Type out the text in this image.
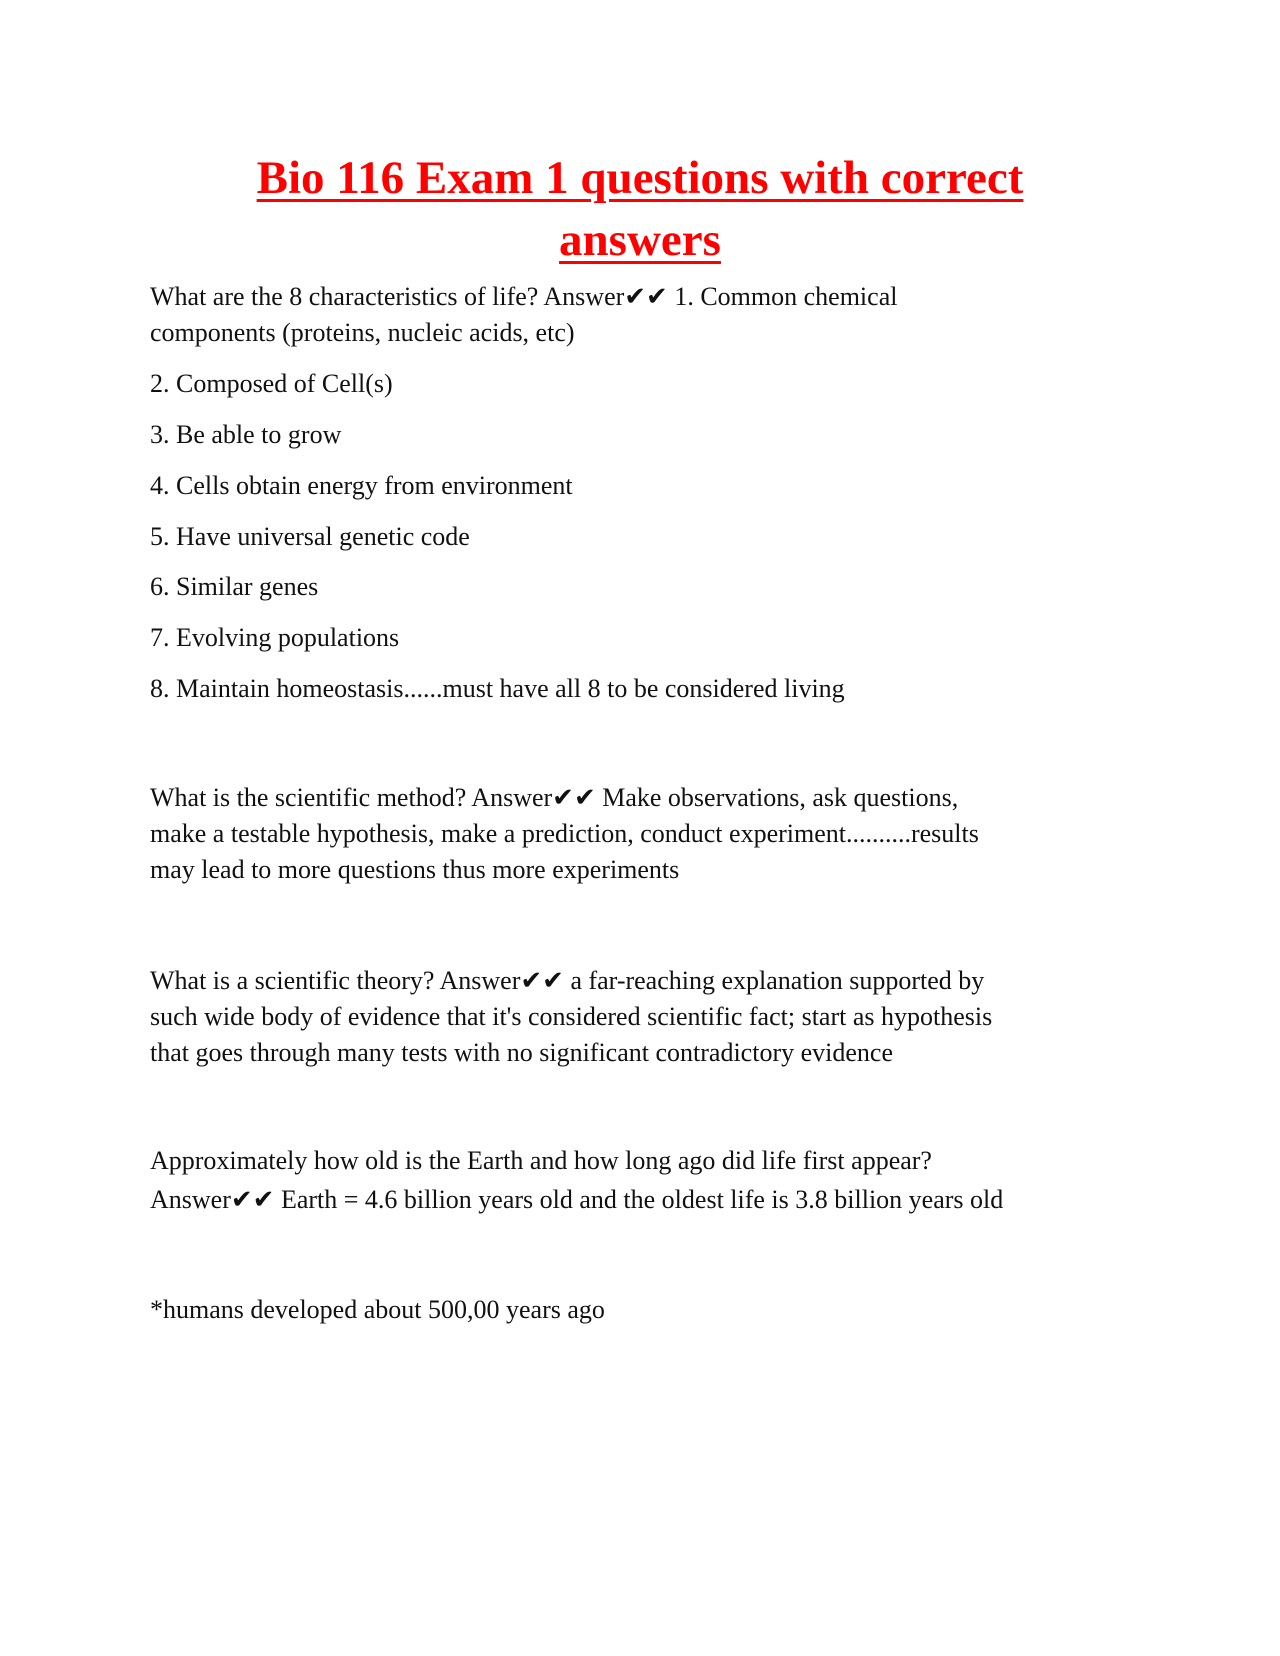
Bio 116 Exam 1 questions with correct
answers

What are the 8 characteristics of life? Answer✔✔ 1. Common chemical
components (proteins, nucleic acids, etc)

2. Composed of Cell(s)

3. Be able to grow

4. Cells obtain energy from environment

5. Have universal genetic code

6. Similar genes

7. Evolving populations

8. Maintain homeostasis......must have all 8 to be considered living

What is the scientific method? Answer✔✔ Make observations, ask questions,
make a testable hypothesis, make a prediction, conduct experiment..........results
may lead to more questions thus more experiments

What is a scientific theory? Answer✔✔ a far-reaching explanation supported by
such wide body of evidence that it's considered scientific fact; start as hypothesis
that goes through many tests with no significant contradictory evidence

Approximately how old is the Earth and how long ago did life first appear?
Answer✔✔ Earth = 4.6 billion years old and the oldest life is 3.8 billion years old

*humans developed about 500,00 years ago
